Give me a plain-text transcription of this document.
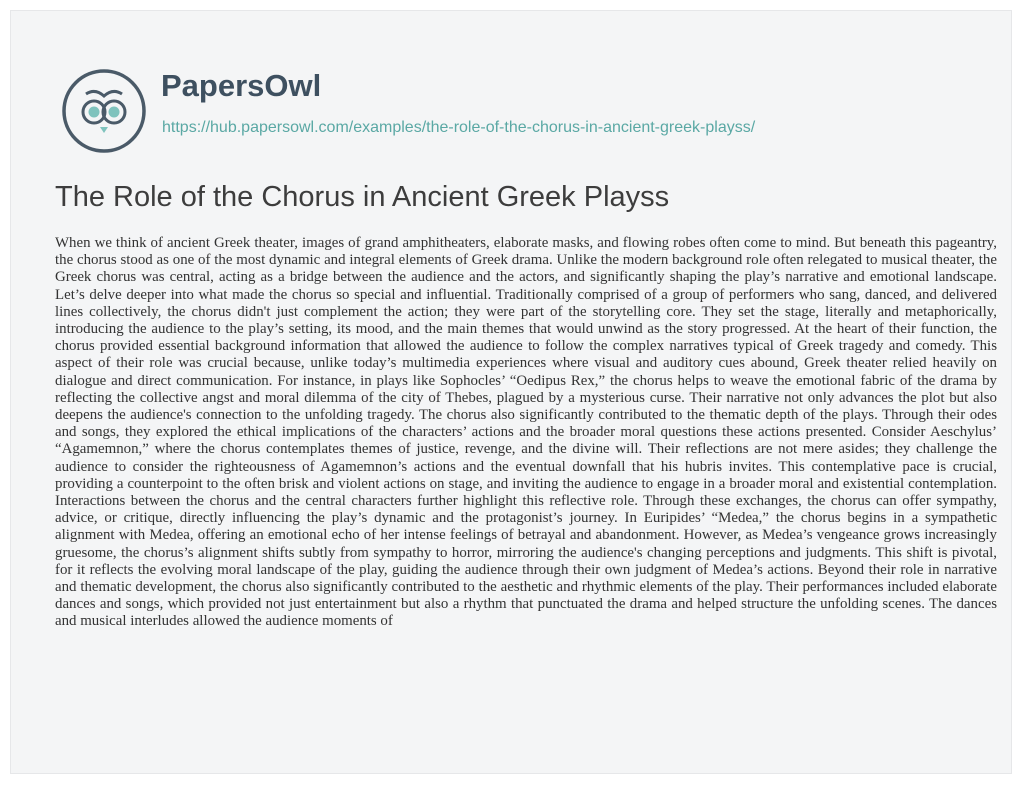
PapersOwl
https://hub.papersowl.com/examples/the-role-of-the-chorus-in-ancient-greek-playss/
The Role of the Chorus in Ancient Greek Playss

When we think of ancient Greek theater, images of grand amphitheaters, elaborate masks, and flowing robes often come to mind. But beneath this pageantry, the chorus stood as one of the most dynamic and integral elements of Greek drama. Unlike the modern background role often relegated to musical theater, the Greek chorus was central, acting as a bridge between the audience and the actors, and significantly shaping the play’s narrative and emotional landscape. Let’s delve deeper into what made the chorus so special and influential. Traditionally comprised of a group of performers who sang, danced, and delivered lines collectively, the chorus didn't just complement the action; they were part of the storytelling core. They set the stage, literally and metaphorically, introducing the audience to the play’s setting, its mood, and the main themes that would unwind as the story progressed. At the heart of their function, the chorus provided essential background information that allowed the audience to follow the complex narratives typical of Greek tragedy and comedy. This aspect of their role was crucial because, unlike today’s multimedia experiences where visual and auditory cues abound, Greek theater relied heavily on dialogue and direct communication. For instance, in plays like Sophocles’ “Oedipus Rex,” the chorus helps to weave the emotional fabric of the drama by reflecting the collective angst and moral dilemma of the city of Thebes, plagued by a mysterious curse. Their narrative not only advances the plot but also deepens the audience's connection to the unfolding tragedy. The chorus also significantly contributed to the thematic depth of the plays. Through their odes and songs, they explored the ethical implications of the characters’ actions and the broader moral questions these actions presented. Consider Aeschylus’ “Agamemnon,” where the chorus contemplates themes of justice, revenge, and the divine will. Their reflections are not mere asides; they challenge the audience to consider the righteousness of Agamemnon’s actions and the eventual downfall that his hubris invites. This contemplative pace is crucial, providing a counterpoint to the often brisk and violent actions on stage, and inviting the audience to engage in a broader moral and existential contemplation. Interactions between the chorus and the central characters further highlight this reflective role. Through these exchanges, the chorus can offer sympathy, advice, or critique, directly influencing the play’s dynamic and the protagonist’s journey. In Euripides’ “Medea,” the chorus begins in a sympathetic alignment with Medea, offering an emotional echo of her intense feelings of betrayal and abandonment. However, as Medea’s vengeance grows increasingly gruesome, the chorus’s alignment shifts subtly from sympathy to horror, mirroring the audience's changing perceptions and judgments. This shift is pivotal, for it reflects the evolving moral landscape of the play, guiding the audience through their own judgment of Medea’s actions. Beyond their role in narrative and thematic development, the chorus also significantly contributed to the aesthetic and rhythmic elements of the play. Their performances included elaborate dances and songs, which provided not just entertainment but also a rhythm that punctuated the drama and helped structure the unfolding scenes. The dances and musical interludes allowed the audience moments of
